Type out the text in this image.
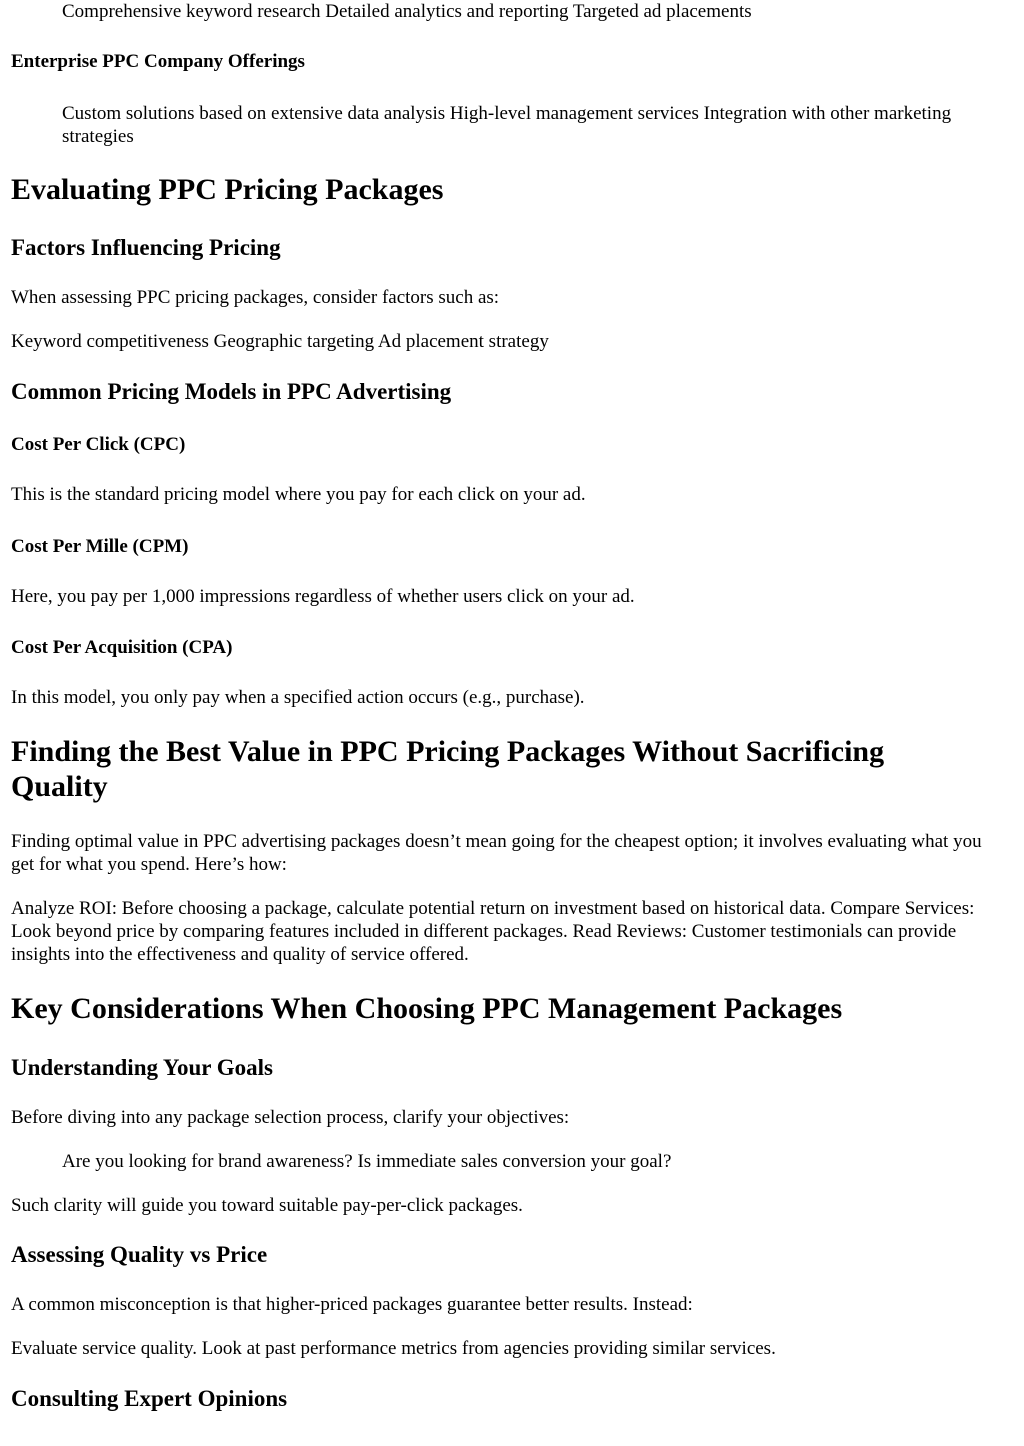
Comprehensive keyword research Detailed analytics and reporting Targeted ad placements

Enterprise PPC Company Offerings

Custom solutions based on extensive data analysis High-level management services Integration with other marketing strategies

Evaluating PPC Pricing Packages
Factors Influencing Pricing

When assessing PPC pricing packages, consider factors such as:

Keyword competitiveness Geographic targeting Ad placement strategy

Common Pricing Models in PPC Advertising
Cost Per Click (CPC)

This is the standard pricing model where you pay for each click on your ad.

Cost Per Mille (CPM)

Here, you pay per 1,000 impressions regardless of whether users click on your ad.

Cost Per Acquisition (CPA)

In this model, you only pay when a specified action occurs (e.g., purchase).

Finding the Best Value in PPC Pricing Packages Without Sacrificing Quality

Finding optimal value in PPC advertising packages doesn’t mean going for the cheapest option; it involves evaluating what you get for what you spend. Here’s how:

Analyze ROI: Before choosing a package, calculate potential return on investment based on historical data. Compare Services: Look beyond price by comparing features included in different packages. Read Reviews: Customer testimonials can provide insights into the effectiveness and quality of service offered.

Key Considerations When Choosing PPC Management Packages
Understanding Your Goals

Before diving into any package selection process, clarify your objectives:

Are you looking for brand awareness? Is immediate sales conversion your goal?

Such clarity will guide you toward suitable pay-per-click packages.

Assessing Quality vs Price

A common misconception is that higher-priced packages guarantee better results. Instead:

Evaluate service quality. Look at past performance metrics from agencies providing similar services.

Consulting Expert Opinions
